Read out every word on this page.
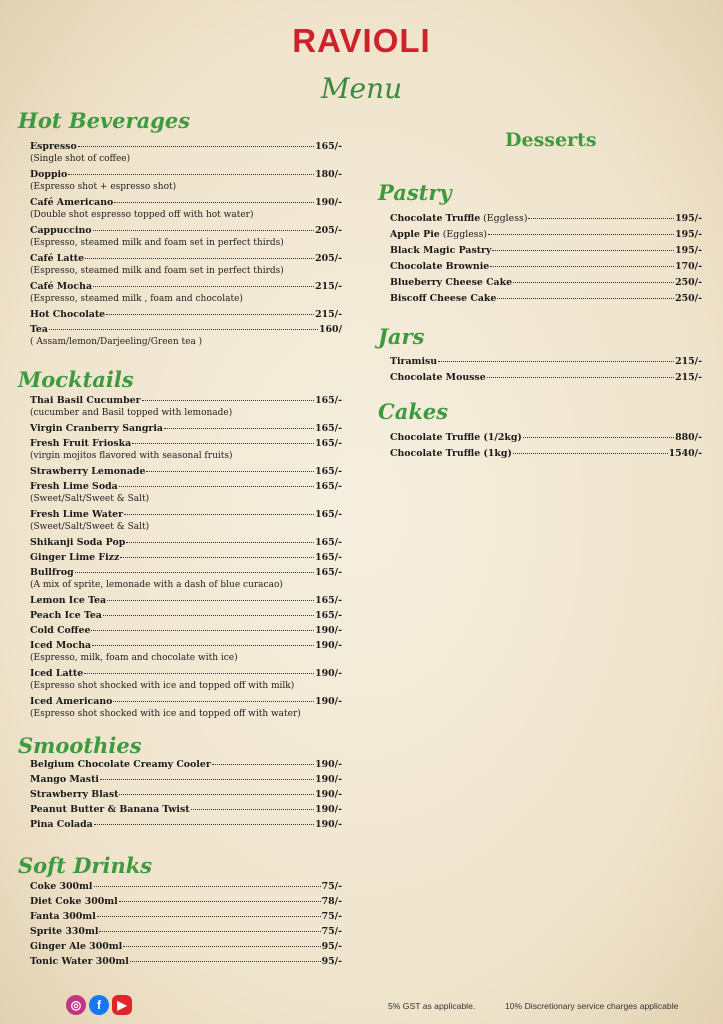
RAVIOLI
Menu
Hot Beverages
Espresso	165/-
(Single shot of coffee)
Doppio	180/-
(Espresso shot + espresso shot)
Café Americano	190/-
(Double shot espresso topped off with hot water)
Cappuccino	205/-
(Espresso, steamed milk and foam set in perfect thirds)
Café Latte	205/-
(Espresso, steamed milk and foam set in perfect thirds)
Café Mocha	215/-
(Espresso, steamed milk , foam and chocolate)
Hot Chocolate	215/-
Tea	160/
( Assam/lemon/Darjeeling/Green tea )
Mocktails
Thai Basil Cucumber	165/-
(cucumber and Basil topped with lemonade)
Virgin Cranberry Sangria	165/-
Fresh Fruit Frioska	165/-
(virgin mojitos flavored with seasonal fruits)
Strawberry Lemonade	165/-
Fresh Lime Soda	165/-
(Sweet/Salt/Sweet & Salt)
Fresh Lime Water	165/-
(Sweet/Salt/Sweet & Salt)
Shikanji Soda Pop	165/-
Ginger Lime Fizz	165/-
Bullfrog	165/-
(A mix of sprite, lemonade with a dash of blue curacao)
Lemon Ice Tea	165/-
Peach Ice Tea	165/-
Cold Coffee	190/-
Iced Mocha	190/-
(Espresso, milk, foam and chocolate with ice)
Iced Latte	190/-
(Espresso shot shocked with ice and topped off with milk)
Iced Americano	190/-
(Espresso shot shocked with ice and topped off with water)
Smoothies
Belgium Chocolate Creamy Cooler	190/-
Mango Masti	190/-
Strawberry Blast	190/-
Peanut Butter & Banana Twist	190/-
Pina Colada	190/-
Soft Drinks
Coke 300ml	75/-
Diet Coke 300ml	78/-
Fanta 300ml	75/-
Sprite 330ml	75/-
Ginger Ale 300ml	95/-
Tonic Water 300ml	95/-
Desserts
Pastry
Chocolate Truffle (Eggless)	195/-
Apple Pie (Eggless)	195/-
Black Magic Pastry	195/-
Chocolate Brownie	170/-
Blueberry Cheese Cake	250/-
Biscoff Cheese Cake	250/-
Jars
Tiramisu	215/-
Chocolate Mousse	215/-
Cakes
Chocolate Truffle (1/2kg)	880/-
Chocolate Truffle (1kg)	1540/-
◎	f	▶	5% GST as applicable.	10% Discretionary service charges applicable
